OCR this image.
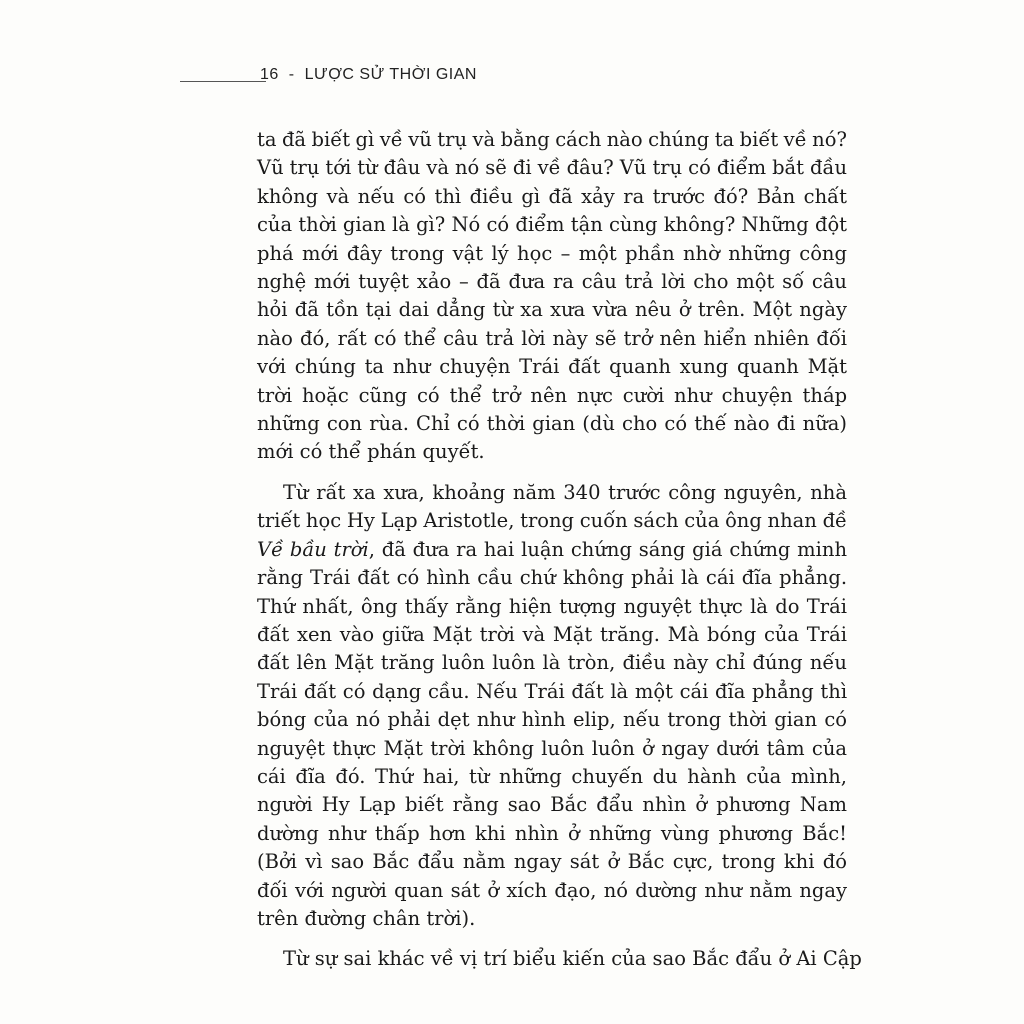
16 - LƯỢC SỬ THỜI GIAN

ta đã biết gì về vũ trụ và bằng cách nào chúng ta biết về nó?
Vũ trụ tới từ đâu và nó sẽ đi về đâu? Vũ trụ có điểm bắt đầu
không và nếu có thì điều gì đã xảy ra trước đó? Bản chất
của thời gian là gì? Nó có điểm tận cùng không? Những đột
phá mới đây trong vật lý học – một phần nhờ những công
nghệ mới tuyệt xảo – đã đưa ra câu trả lời cho một số câu
hỏi đã tồn tại dai dẳng từ xa xưa vừa nêu ở trên. Một ngày
nào đó, rất có thể câu trả lời này sẽ trở nên hiển nhiên đối
với chúng ta như chuyện Trái đất quanh xung quanh Mặt
trời hoặc cũng có thể trở nên nực cười như chuyện tháp
những con rùa. Chỉ có thời gian (dù cho có thế nào đi nữa)
mới có thể phán quyết.

Từ rất xa xưa, khoảng năm 340 trước công nguyên, nhà
triết học Hy Lạp Aristotle, trong cuốn sách của ông nhan đề
Về bầu trời, đã đưa ra hai luận chứng sáng giá chứng minh
rằng Trái đất có hình cầu chứ không phải là cái đĩa phẳng.
Thứ nhất, ông thấy rằng hiện tượng nguyệt thực là do Trái
đất xen vào giữa Mặt trời và Mặt trăng. Mà bóng của Trái
đất lên Mặt trăng luôn luôn là tròn, điều này chỉ đúng nếu
Trái đất có dạng cầu. Nếu Trái đất là một cái đĩa phẳng thì
bóng của nó phải dẹt như hình elip, nếu trong thời gian có
nguyệt thực Mặt trời không luôn luôn ở ngay dưới tâm của
cái đĩa đó. Thứ hai, từ những chuyến du hành của mình,
người Hy Lạp biết rằng sao Bắc đẩu nhìn ở phương Nam
dường như thấp hơn khi nhìn ở những vùng phương Bắc!
(Bởi vì sao Bắc đẩu nằm ngay sát ở Bắc cực, trong khi đó
đối với người quan sát ở xích đạo, nó dường như nằm ngay
trên đường chân trời).

Từ sự sai khác về vị trí biểu kiến của sao Bắc đẩu ở Ai Cập
